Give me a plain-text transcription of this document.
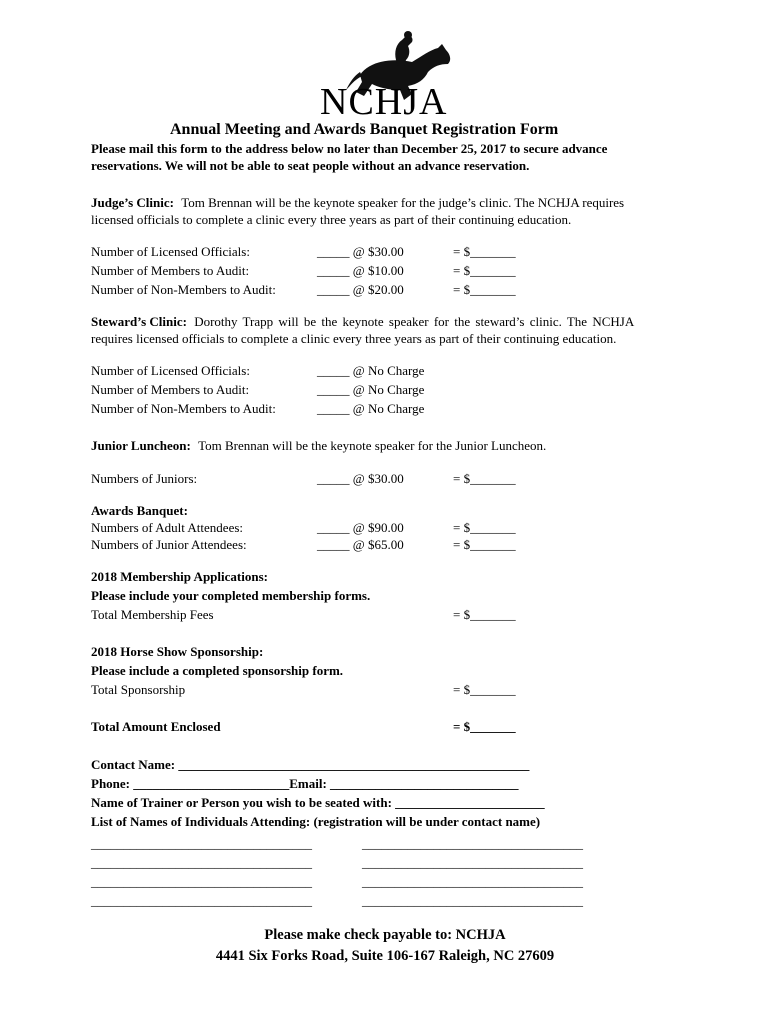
NCHJA
Annual Meeting and Awards Banquet Registration Form
Please mail this form to the address below no later than December 25, 2017 to secure advance
reservations. We will not be able to seat people without an advance reservation.
Judge’s Clinic: Tom Brennan will be the keynote speaker for the judge’s clinic. The NCHJA requires
licensed officials to complete a clinic every three years as part of their continuing education.
Number of Licensed Officials:	_____ @ $30.00	= $_______
Number of Members to Audit:	_____ @ $10.00	= $_______
Number of Non-Members to Audit:	_____ @ $20.00	= $_______
Steward’s Clinic: Dorothy Trapp will be the keynote speaker for the steward’s clinic. The NCHJA
requires licensed officials to complete a clinic every three years as part of their continuing education.
Number of Licensed Officials:	_____ @ No Charge
Number of Members to Audit:	_____ @ No Charge
Number of Non-Members to Audit:	_____ @ No Charge
Junior Luncheon: Tom Brennan will be the keynote speaker for the Junior Luncheon.
Numbers of Juniors:	_____ @ $30.00	= $_______
Awards Banquet:
Numbers of Adult Attendees:	_____ @ $90.00	= $_______
Numbers of Junior Attendees:	_____ @ $65.00	= $_______
2018 Membership Applications:
Please include your completed membership forms.
Total Membership Fees	= $_______
2018 Horse Show Sponsorship:
Please include a completed sponsorship form.
Total Sponsorship	= $_______
Total Amount Enclosed	= $_______
Contact Name: ______________________________________________________
Phone: ________________________Email: _____________________________
Name of Trainer or Person you wish to be seated with: _______________________
List of Names of Individuals Attending: (registration will be under contact name)
__________________________________	__________________________________
__________________________________	__________________________________
__________________________________	__________________________________
__________________________________	__________________________________
Please make check payable to: NCHJA
4441 Six Forks Road, Suite 106-167 Raleigh, NC 27609
